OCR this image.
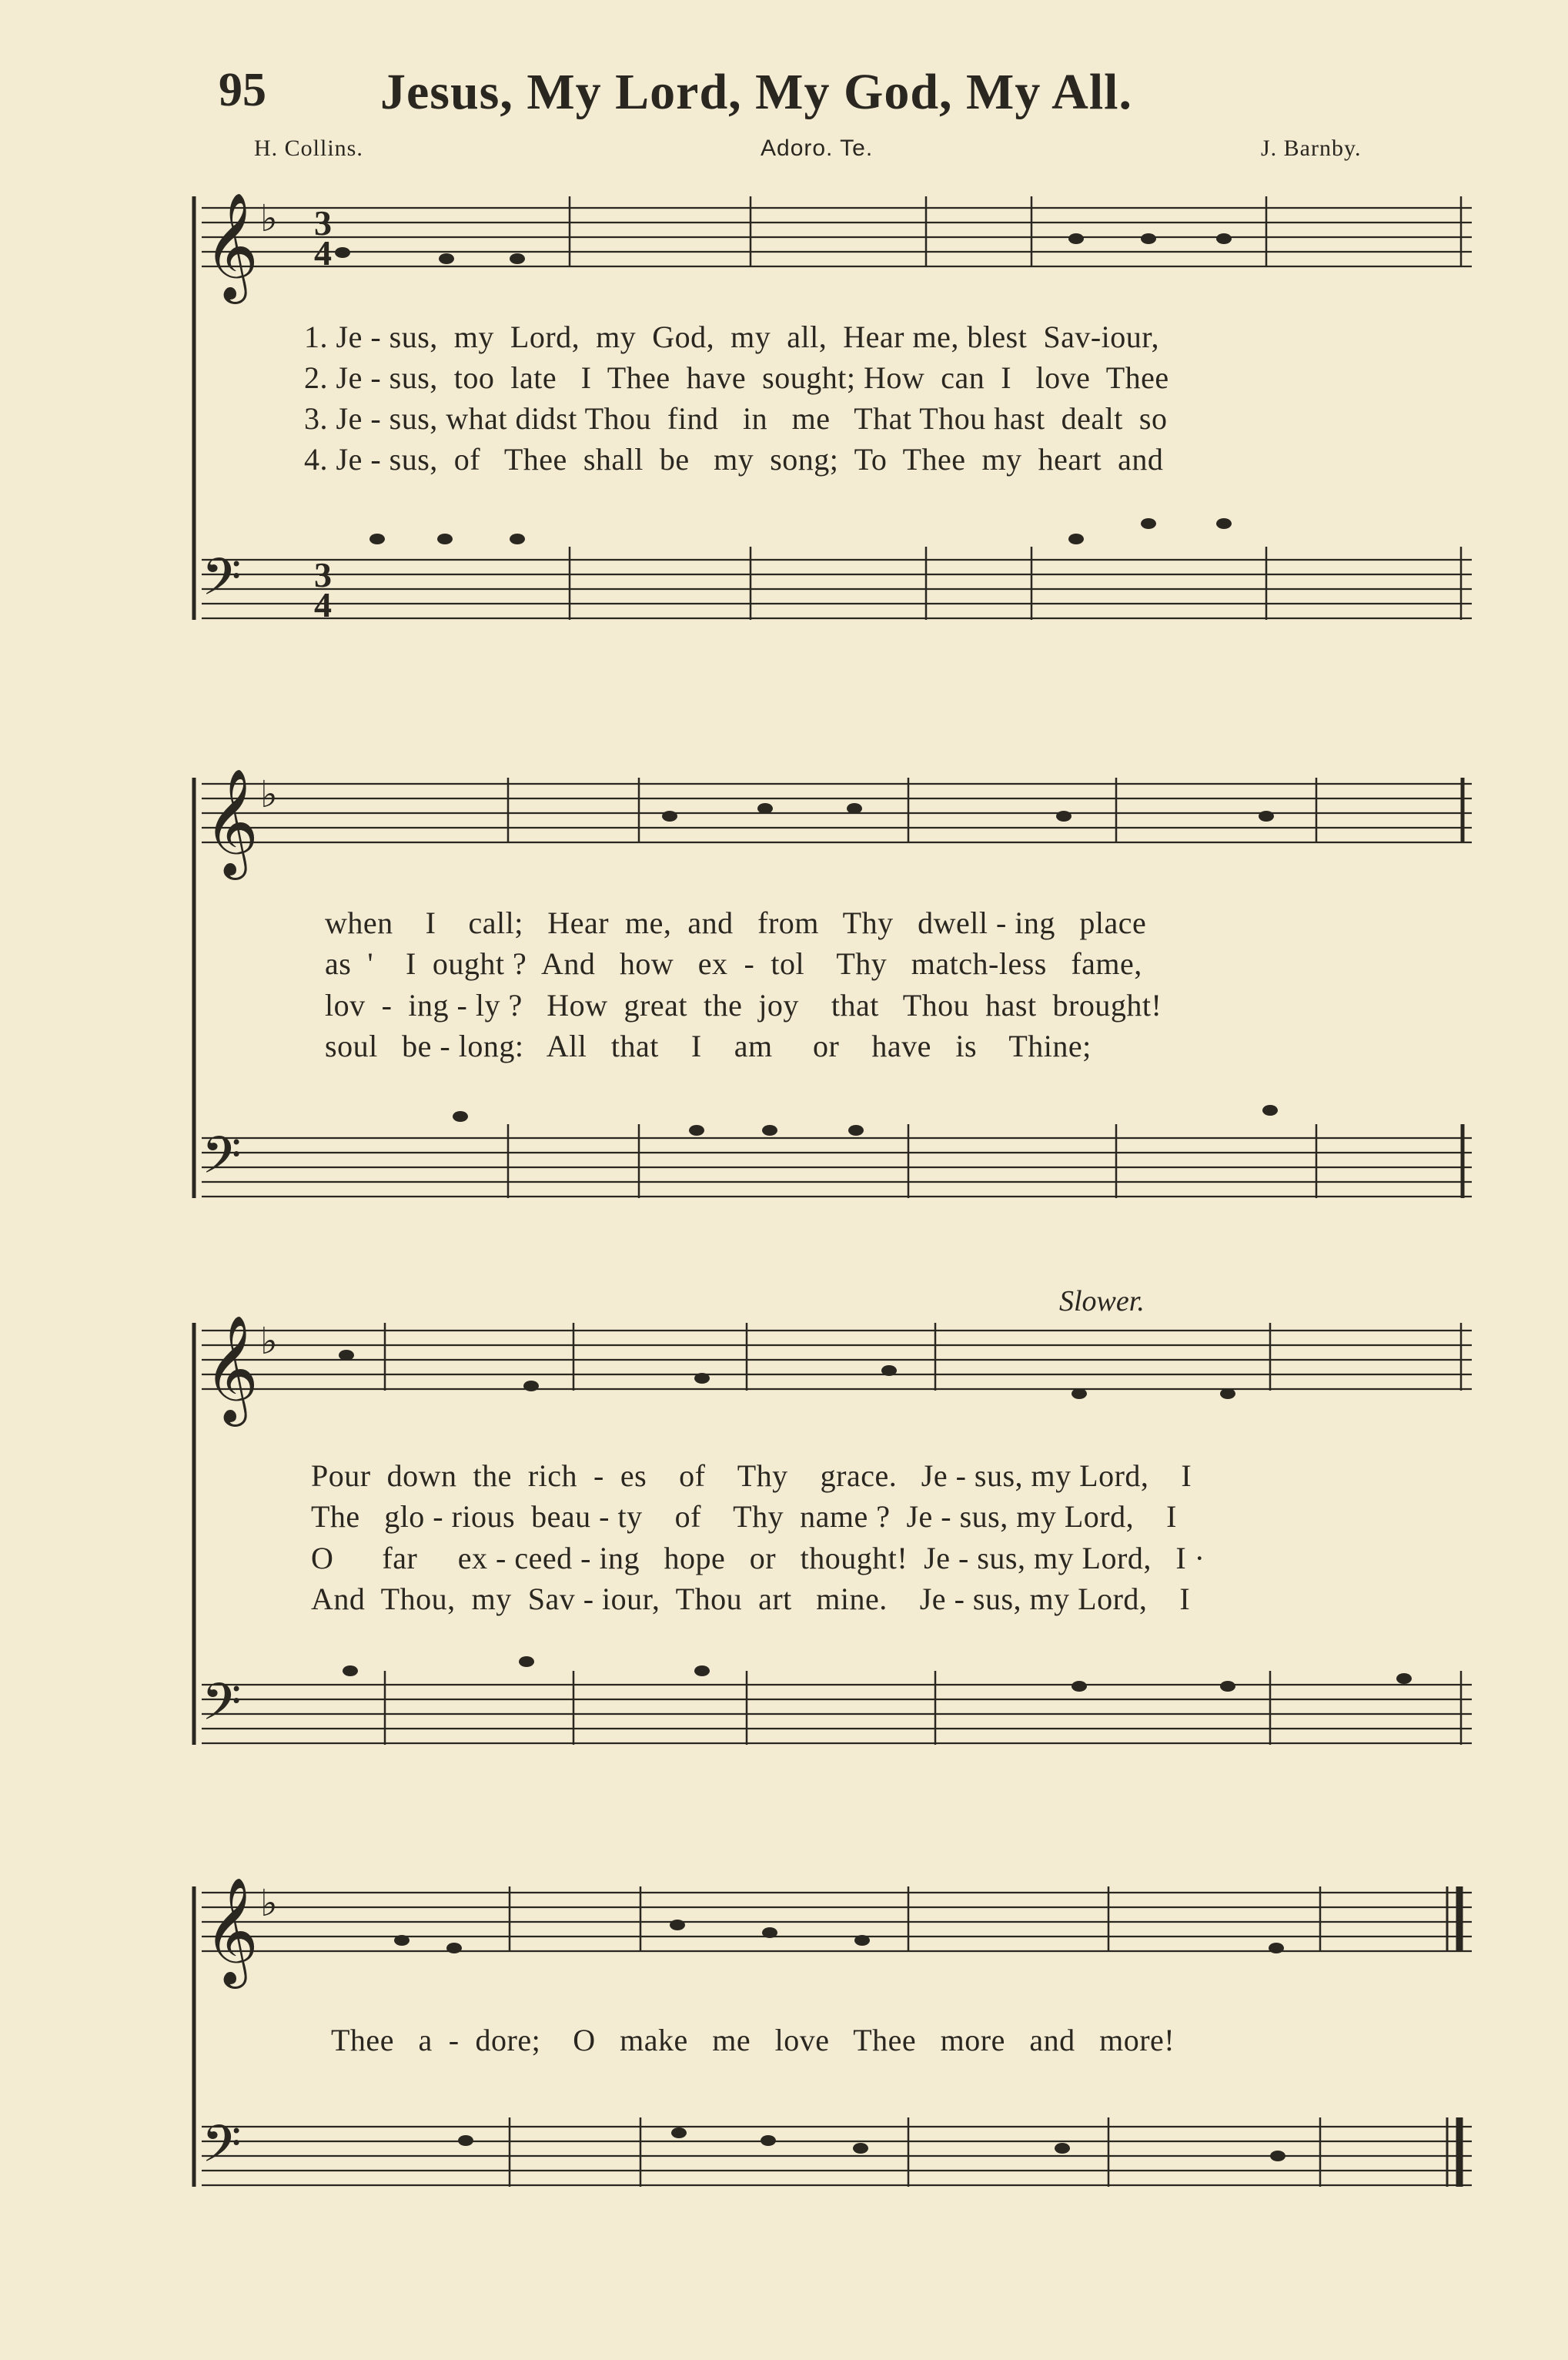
95 Jesus, My Lord, My God, My All.
H. Collins.	Adoro. Te.	J. Barnby.
𝄞 ♭ 3
4
𝄢 3
4
𝄞 ♭
𝄢
𝄞 ♭
𝄢
𝄞 ♭
𝄢
Slower.
1. Je - sus,  my  Lord,  my  God,  my  all,  Hear me, blest  Sav-iour,
2. Je - sus,  too  late   I  Thee  have  sought; How  can  I   love  Thee
3. Je - sus, what didst Thou  find   in   me   That Thou hast  dealt  so
4. Je - sus,  of   Thee  shall  be   my  song;  To  Thee  my  heart  and
when    I    call;   Hear  me,  and   from   Thy   dwell - ing   place
as  '    I  ought ?  And   how   ex  -  tol    Thy   match-less   fame,
lov  -  ing - ly ?   How  great  the  joy    that   Thou  hast  brought!
soul   be - long:   All   that    I    am     or    have   is    Thine;
Pour  down  the  rich  -  es    of    Thy    grace.   Je - sus, my Lord,    I
The   glo - rious  beau - ty    of    Thy  name ?  Je - sus, my Lord,    I
O      far     ex - ceed - ing   hope   or   thought!  Je - sus, my Lord,   I ·
And  Thou,  my  Sav - iour,  Thou  art   mine.    Je - sus, my Lord,    I
Thee   a  -  dore;    O   make   me   love   Thee   more   and   more!
